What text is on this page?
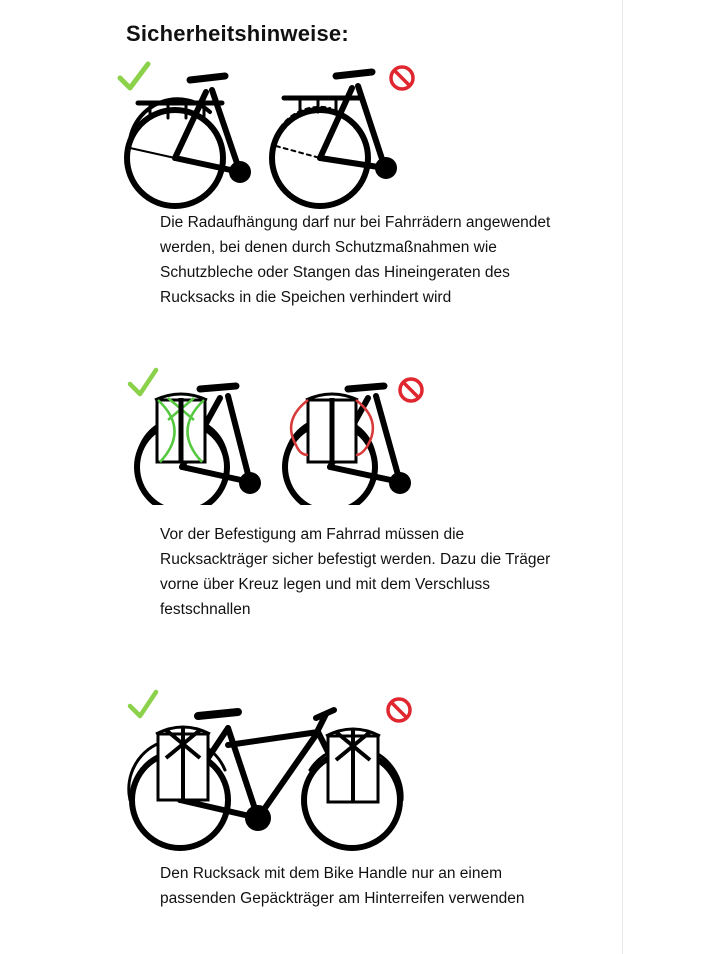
Sicherheitshinweise:
Die Radaufhängung darf nur bei Fahrrädern angewendet
werden, bei denen durch Schutzmaßnahmen wie
Schutzbleche oder Stangen das Hineingeraten des
Rucksacks in die Speichen verhindert wird
Vor der Befestigung am Fahrrad müssen die
Rucksackträger sicher befestigt werden. Dazu die Träger
vorne über Kreuz legen und mit dem Verschluss
festschnallen
Den Rucksack mit dem Bike Handle nur an einem
passenden Gepäckträger am Hinterreifen verwenden
